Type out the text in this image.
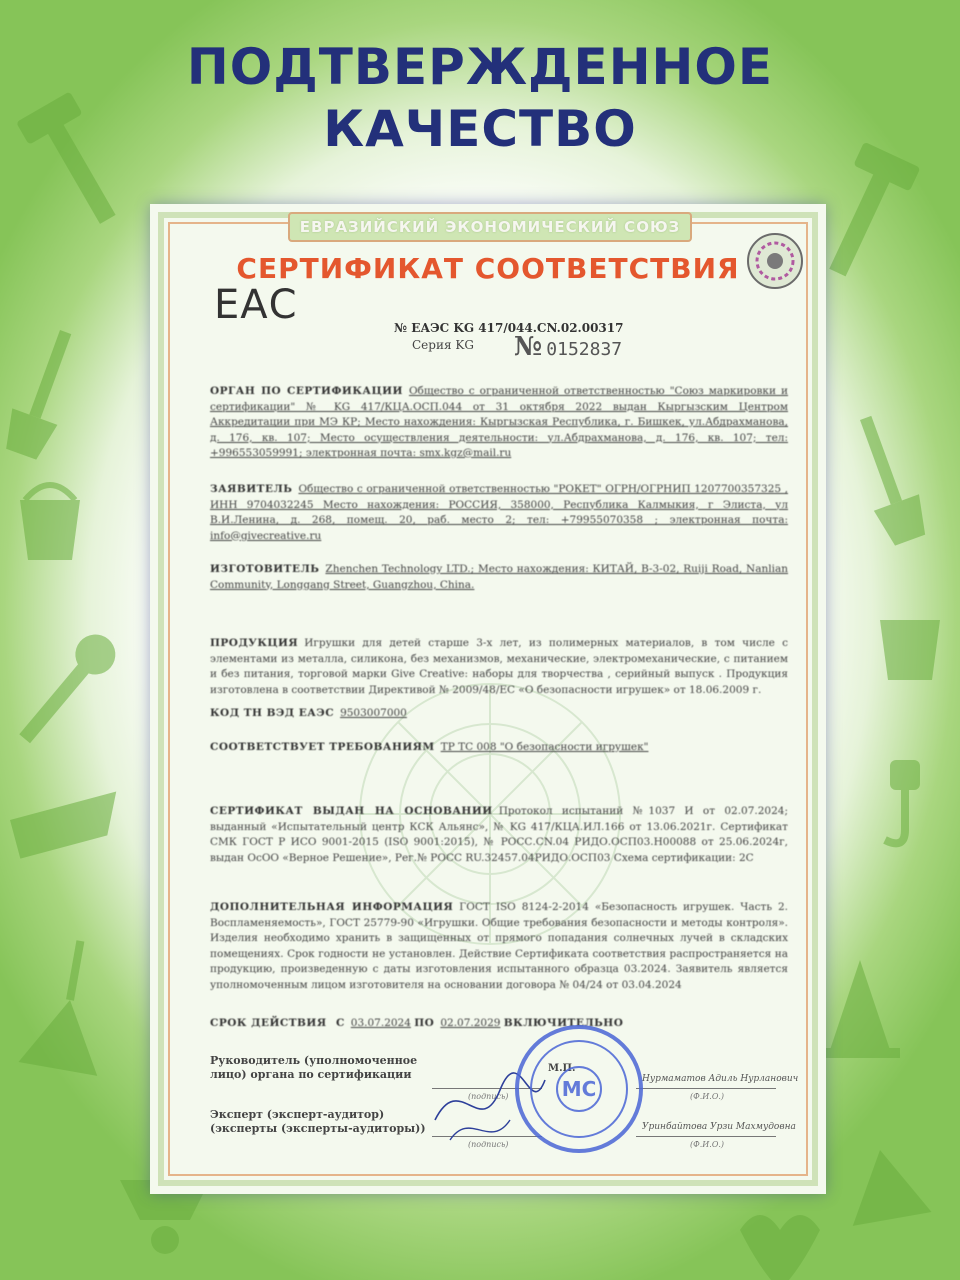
ПОДТВЕРЖДЕННОЕ
КАЧЕСТВО
ЕВРАЗИЙСКИЙ ЭКОНОМИЧЕСКИЙ СОЮЗ
СЕРТИФИКАТ СООТВЕТСТВИЯ
ЕАС	№ ЕАЭС KG 417/044.CN.02.00317
Серия KG № 0152837
ОРГАН ПО СЕРТИФИКАЦИИ Общество с ограниченной ответственностью "Союз маркировки и сертификации" № KG 417/КЦА.ОСП.044 от 31 октября 2022 выдан Кыргызским Центром Аккредитации при МЭ КР; Место нахождения: Кыргызская Республика, г. Бишкек, ул.Абдрахманова, д. 176, кв. 107; Место осуществления деятельности: ул.Абдрахманова, д. 176, кв. 107; тел: +996553059991; электронная почта: smx.kgz@mail.ru
ЗАЯВИТЕЛЬ Общество с ограниченной ответственностью "РОКЕТ" ОГРН/ОГРНИП 1207700357325 , ИНН 9704032245 Место нахождения: РОССИЯ, 358000, Республика Калмыкия, г Элиста, ул В.И.Ленина, д. 268, помещ. 20, раб. место 2; тел: +79955070358 ; электронная почта: info@givecreative.ru
ИЗГОТОВИТЕЛЬ Zhenchen Technology LTD.; Место нахождения: КИТАЙ, B-3-02, Ruiji Road, Nanlian Community, Longgang Street, Guangzhou, China.
ПРОДУКЦИЯ Игрушки для детей старше 3-х лет, из полимерных материалов, в том числе с элементами из металла, силикона, без механизмов, механические, электромеханические, с питанием и без питания, торговой марки Give Creative: наборы для творчества , серийный выпуск . Продукция изготовлена в соответствии Директивой № 2009/48/ЕС «О безопасности игрушек» от 18.06.2009 г.
КОД ТН ВЭД ЕАЭС 9503007000
СООТВЕТСТВУЕТ ТРЕБОВАНИЯМ ТР ТС 008 "О безопасности игрушек"
СЕРТИФИКАТ ВЫДАН НА ОСНОВАНИИ Протокол испытаний №1037 И от 02.07.2024; выданный «Испытательный центр КСК Альянс», № KG 417/КЦА.ИЛ.166 от 13.06.2021г. Сертификат СМК ГОСТ Р ИСО 9001-2015 (ISO 9001:2015), № РОСС.CN.04 РИДО.ОСП03.Н00088 от 25.06.2024г, выдан ОсОО «Верное Решение», Рег.№ РОСС RU.32457.04РИДО.ОСП03 Схема сертификации: 2С
ДОПОЛНИТЕЛЬНАЯ ИНФОРМАЦИЯ ГОСТ ISO 8124-2-2014 «Безопасность игрушек. Часть 2. Воспламеняемость», ГОСТ 25779-90 «Игрушки. Общие требования безопасности и методы контроля». Изделия необходимо хранить в защищенных от прямого попадания солнечных лучей в складских помещениях. Срок годности не установлен. Действие Сертификата соответствия распространяется на продукцию, произведенную с даты изготовления испытанного образца 03.2024. Заявитель является уполномоченным лицом изготовителя на основании договора № 04/24 от 03.04.2024
СРОК ДЕЙСТВИЯ С 03.07.2024 ПО 02.07.2029 ВКЛЮЧИТЕЛЬНО
Руководитель (уполномоченное
лицо) органа по сертификации
(подпись)
М.П.
Нурмаматов Адиль Нурланович
(Ф.И.О.)
Эксперт (эксперт-аудитор)
(эксперты (эксперты-аудиторы))
(подпись)
Уринбайтова Урзи Махмудовна
(Ф.И.О.)
МС
